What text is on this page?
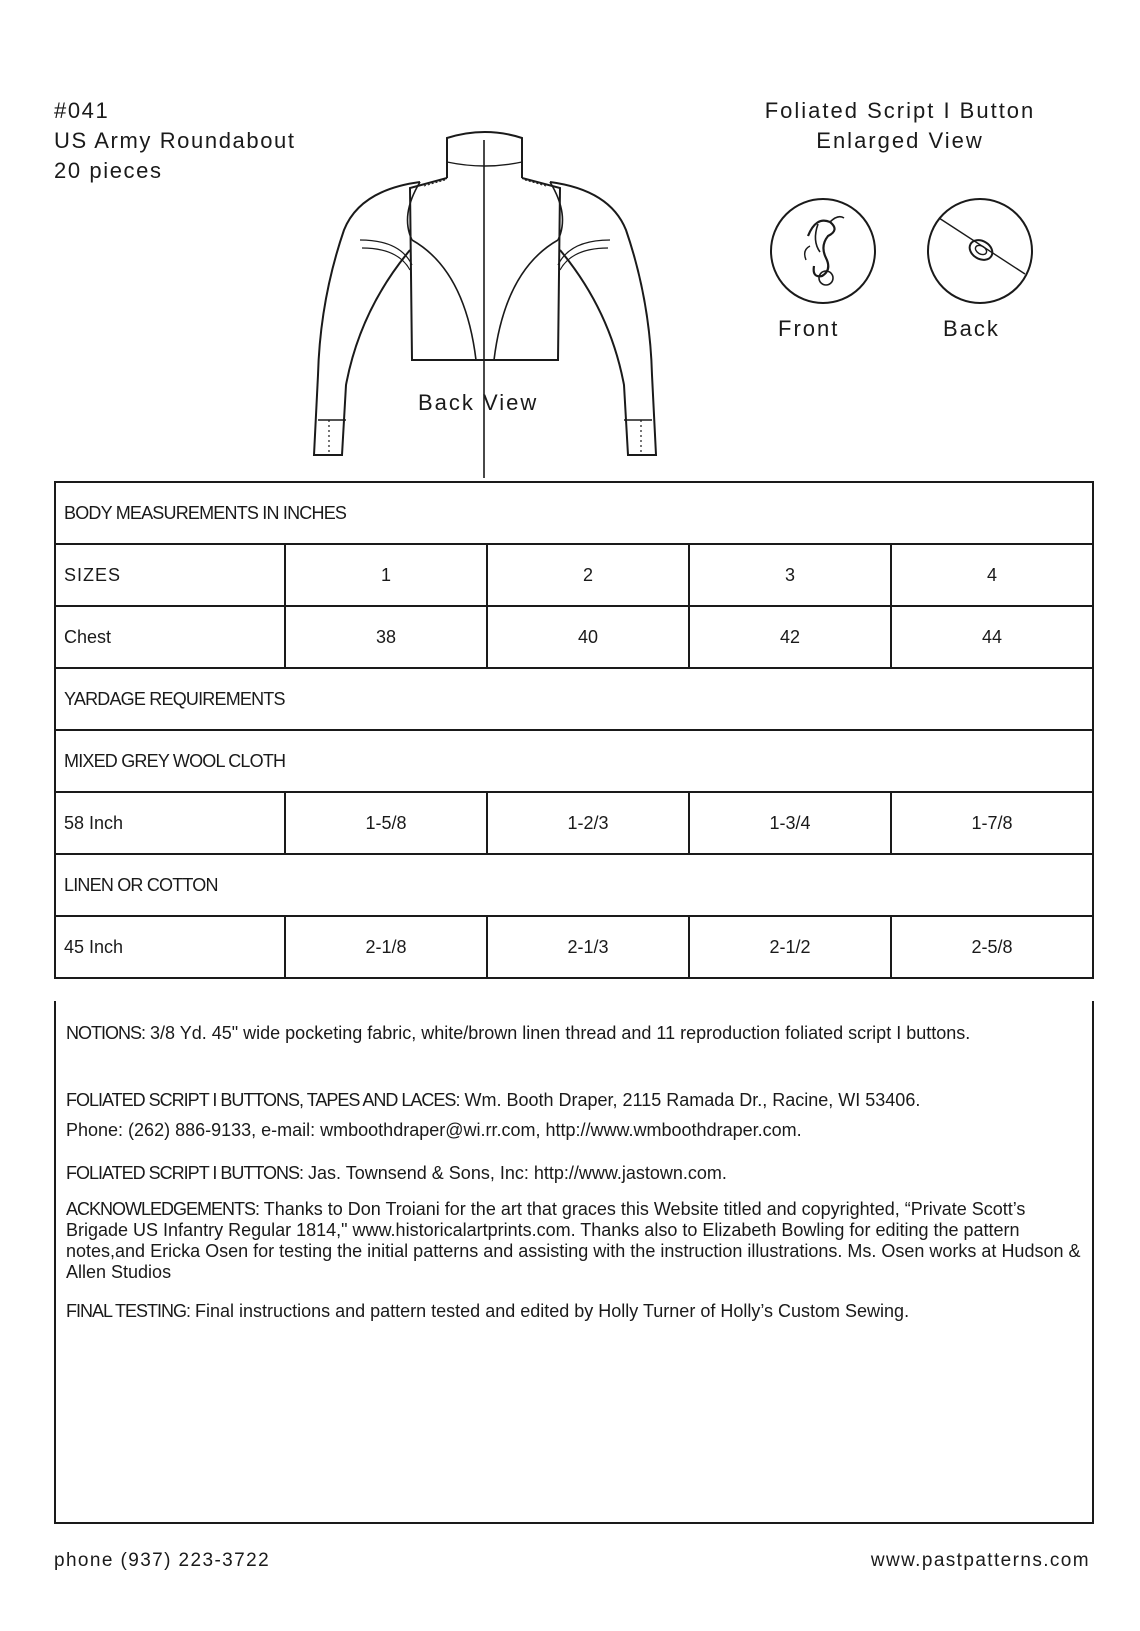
#041
US Army Roundabout
20 pieces
Foliated Script I Button
Enlarged View
Back View
Front	Back
BODY MEASUREMENTS IN INCHES				
SIZES	1	2	3	4
Chest	38	40	42	44
YARDAGE REQUIREMENTS				
MIXED GREY WOOL CLOTH				
58 Inch	1-5/8	1-2/3	1-3/4	1-7/8
LINEN OR COTTON				
45 Inch	2-1/8	2-1/3	2-1/2	2-5/8

NOTIONS: 3/8 Yd. 45" wide pocketing fabric, white/brown linen thread and 11 reproduction foliated script I buttons.

FOLIATED SCRIPT I BUTTONS, TAPES AND LACES: Wm. Booth Draper, 2115 Ramada Dr., Racine, WI 53406.
Phone: (262) 886-9133, e-mail: wmboothdraper@wi.rr.com, http://www.wmboothdraper.com.

FOLIATED SCRIPT I BUTTONS: Jas. Townsend & Sons, Inc: http://www.jastown.com.

ACKNOWLEDGEMENTS: Thanks to Don Troiani for the art that graces this Website titled and copyrighted, “Private Scott’s Brigade US Infantry Regular 1814," www.historicalartprints.com. Thanks also to Elizabeth Bowling for editing the pattern notes,and Ericka Osen for testing the initial patterns and assisting with the instruction illustrations. Ms. Osen works at Hudson & Allen Studios

FINAL TESTING: Final instructions and pattern tested and edited by Holly Turner of Holly’s Custom Sewing.

phone (937) 223-3722	www.pastpatterns.com
